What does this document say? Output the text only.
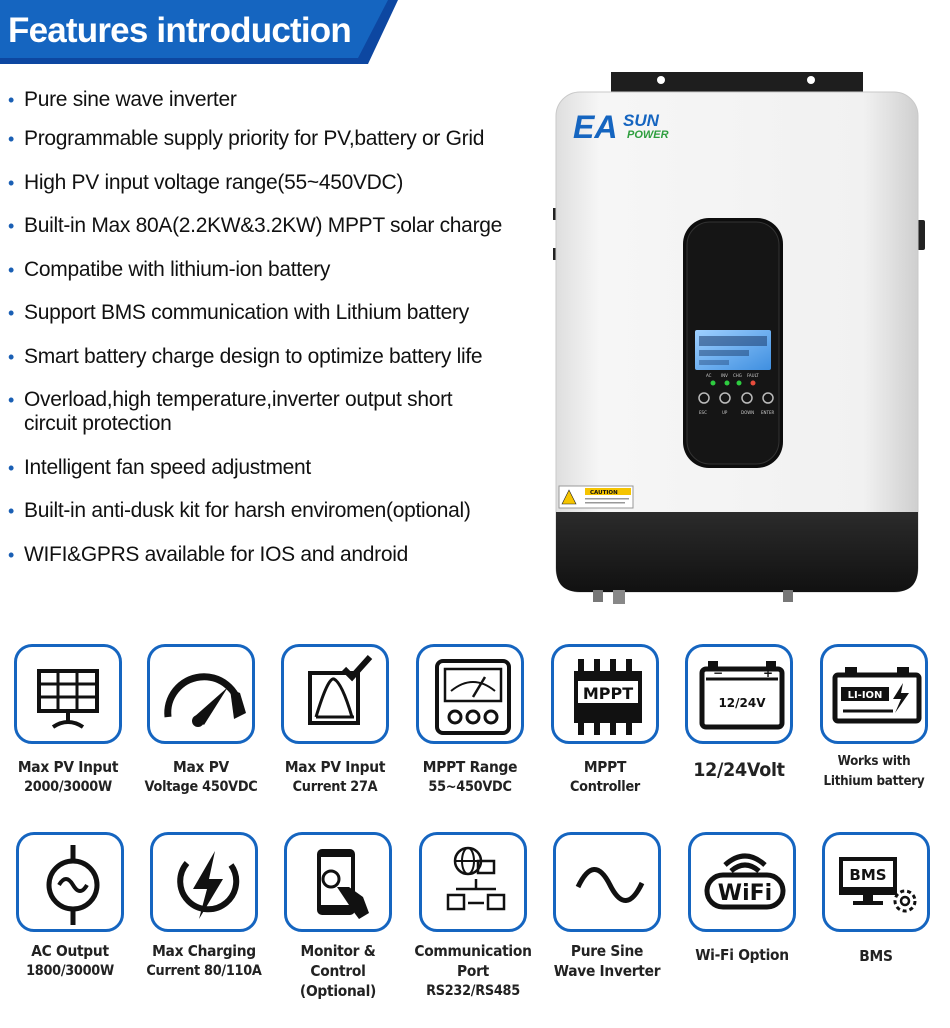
Features introduction
• Pure sine wave inverter
• Programmable supply priority for PV,battery or Grid
• High PV input voltage range(55~450VDC)
• Built-in Max 80A(2.2KW&3.2KW) MPPT solar charge
• Compatibe with lithium-ion battery
• Support BMS communication with Lithium battery
• Smart battery charge design to optimize battery life
• Overload,high temperature,inverter output short circuit protection
• Intelligent fan speed adjustment
• Built-in anti-dusk kit for harsh enviromen(optional)
• WIFI&GPRS available for IOS and android
EA SUN
POWER
AC INV CHG FAULT
ESC	UP	DOWN ENTER
CAUTION
MPPT
−	+
12/24V
LI-ION
Max PV Input
2000/3000W
Max PV
Voltage 450VDC
Max PV Input
Current 27A
MPPT Range
55~450VDC
MPPT
Controller
12/24Volt	Works with
Lithium battery
WiFi
BMS
AC Output
1800/3000W
Max Charging
Current 80/110A
Monitor &
Control
(Optional)
Communication
Port
RS232/RS485
Pure Sine
Wave Inverter
Wi-Fi Option	BMS
